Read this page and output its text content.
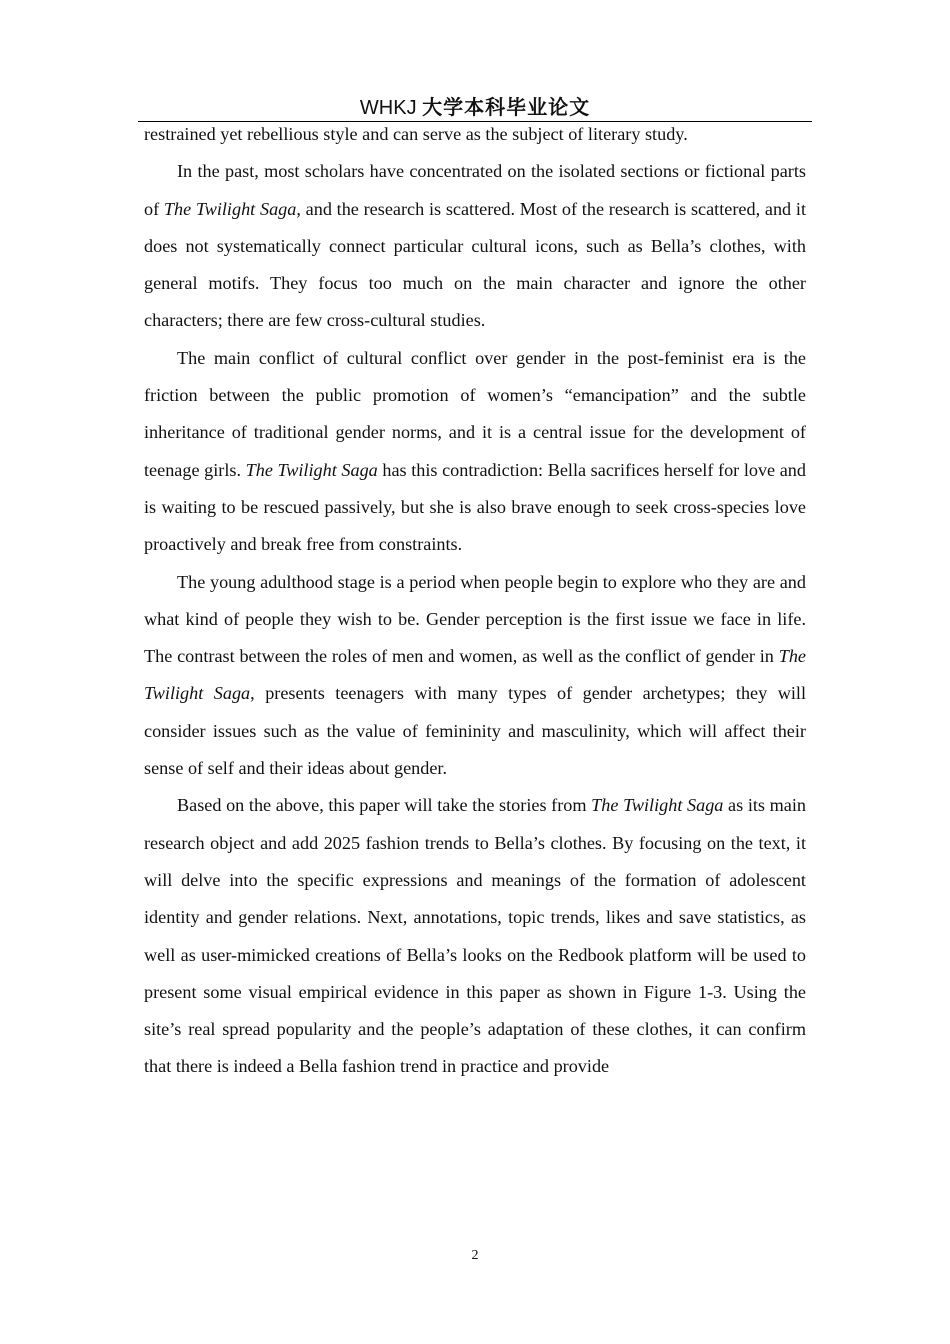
WHKJ 大学本科毕业论文

restrained yet rebellious style and can serve as the subject of literary study.

In the past, most scholars have concentrated on the isolated sections or fictional parts of The Twilight Saga, and the research is scattered. Most of the research is scattered, and it does not systematically connect particular cultural icons, such as Bella’s clothes, with general motifs. They focus too much on the main character and ignore the other characters; there are few cross-cultural studies.

The main conflict of cultural conflict over gender in the post-feminist era is the friction between the public promotion of women’s “emancipation” and the subtle inheritance of traditional gender norms, and it is a central issue for the development of teenage girls. The Twilight Saga has this contradiction: Bella sacrifices herself for love and is waiting to be rescued passively, but she is also brave enough to seek cross-species love proactively and break free from constraints.

The young adulthood stage is a period when people begin to explore who they are and what kind of people they wish to be. Gender perception is the first issue we face in life. The contrast between the roles of men and women, as well as the conflict of gender in The Twilight Saga, presents teenagers with many types of gender archetypes; they will consider issues such as the value of femininity and masculinity, which will affect their sense of self and their ideas about gender.

Based on the above, this paper will take the stories from The Twilight Saga as its main research object and add 2025 fashion trends to Bella’s clothes. By focusing on the text, it will delve into the specific expressions and meanings of the formation of adolescent identity and gender relations. Next, annotations, topic trends, likes and save statistics, as well as user-mimicked creations of Bella’s looks on the Redbook platform will be used to present some visual empirical evidence in this paper as shown in Figure 1-3. Using the site’s real spread popularity and the people’s adaptation of these clothes, it can confirm that there is indeed a Bella fashion trend in practice and provide

2
